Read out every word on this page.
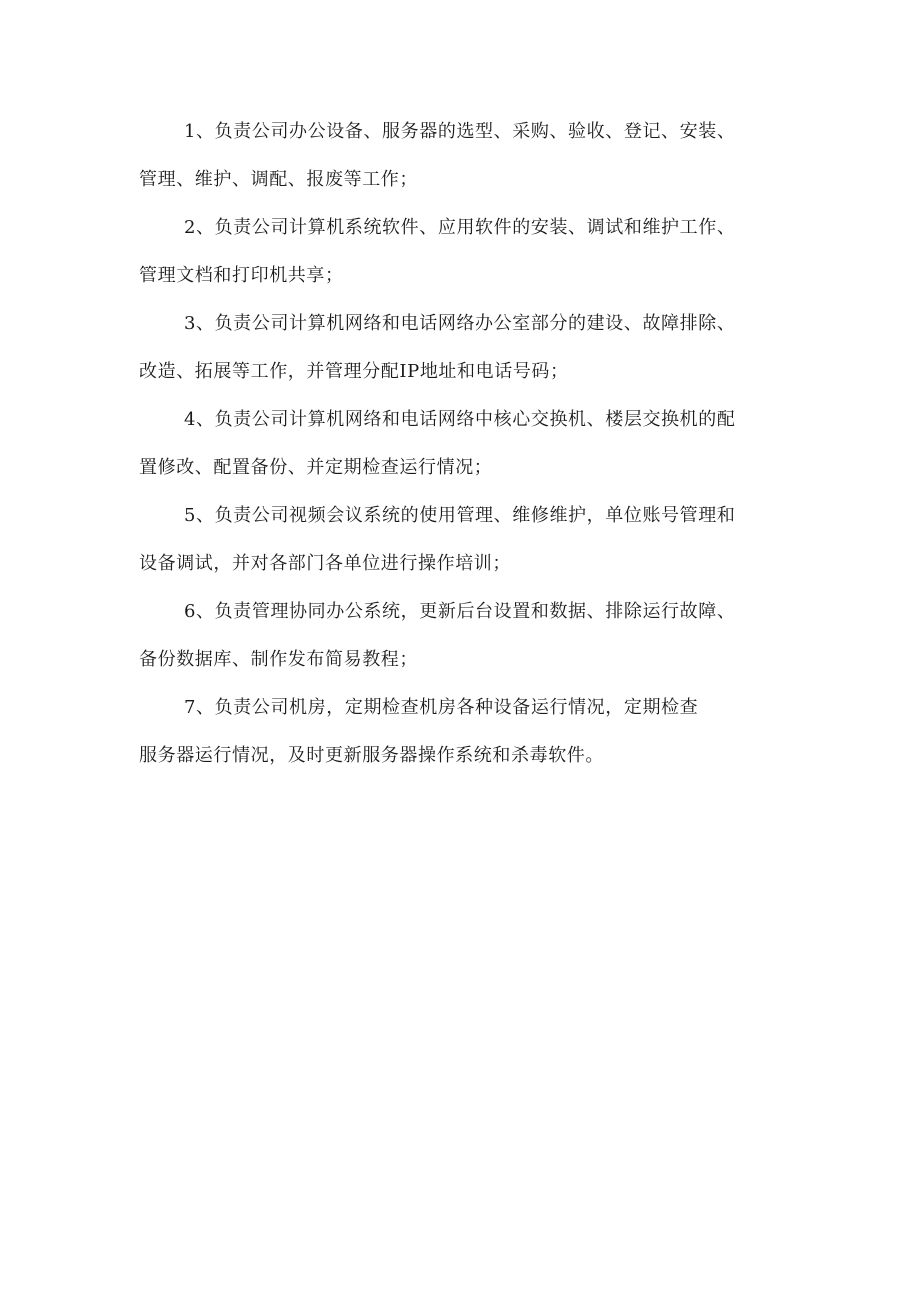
1、负责公司办公设备、服务器的选型、采购、验收、登记、安装、
管理、维护、调配、报废等工作；
2、负责公司计算机系统软件、应用软件的安装、调试和维护工作、
管理文档和打印机共享；
3、负责公司计算机网络和电话网络办公室部分的建设、故障排除、
改造、拓展等工作，并管理分配IP地址和电话号码；
4、负责公司计算机网络和电话网络中核心交换机、楼层交换机的配
置修改、配置备份、并定期检查运行情况；
5、负责公司视频会议系统的使用管理、维修维护，单位账号管理和
设备调试，并对各部门各单位进行操作培训；
6、负责管理协同办公系统，更新后台设置和数据、排除运行故障、
备份数据库、制作发布简易教程；
7、负责公司机房，定期检查机房各种设备运行情况，定期检查
服务器运行情况，及时更新服务器操作系统和杀毒软件。
